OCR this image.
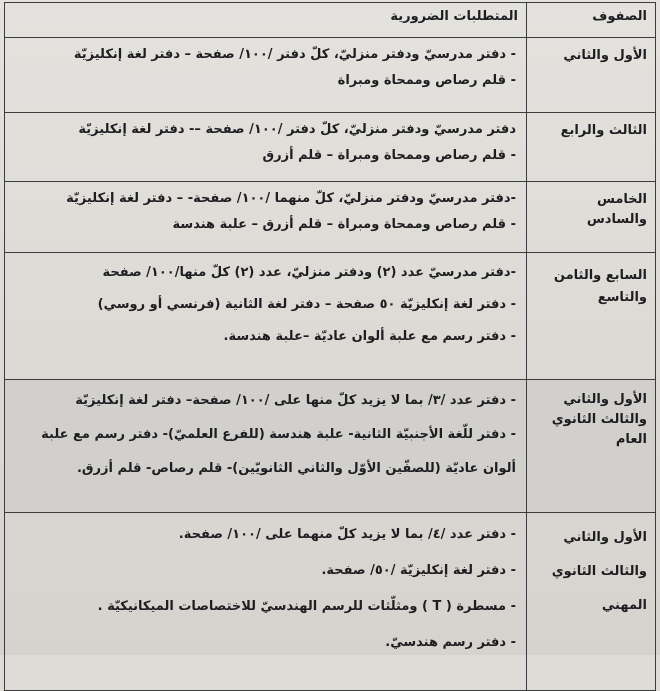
الصفوف	المتطلبات الضرورية
الأول والثاني	- دفتر مدرسيّ ودفتر منزليّ، كلّ دفتر /١٠٠/ صفحة – دفتر لغة إنكليزيّة
- قلم رصاص وممحاة ومبراة

الثالث والرابع	دفتر مدرسيّ ودفتر منزليّ، كلّ دفتر /١٠٠/ صفحة –- دفتر لغة إنكليزيّة
- قلم رصاص وممحاة ومبراة – قلم أزرق

الخامس والسادس	-دفتر مدرسيّ ودفتر منزليّ، كلّ منهما /١٠٠/ صفحة- – دفتر لغة إنكليزيّة
- قلم رصاص وممحاة ومبراة – قلم أزرق – علبة هندسة

السابع والثامن والتاسع	-دفتر مدرسيّ عدد (٢) ودفتر منزليّ، عدد (٢) كلّ منها/١٠٠/ صفحة
- دفتر لغة إنكليزيّة ٥٠ صفحة – دفتر لغة الثانية (فرنسي أو روسي)
- دفتر رسم مع علبة ألوان عاديّة –علبة هندسة.

الأول والثاني والثالث الثانوي العام	- دفتر عدد /٣/ بما لا يزيد كلّ منها على /١٠٠/ صفحة– دفتر لغة إنكليزيّة
- دفتر للّغة الأجنبيّة الثانية- علبة هندسة (للفرع العلميّ)- دفتر رسم مع علبة
ألوان عاديّة (للصفّين الأوّل والثاني الثانويّين)- قلم رصاص- قلم أزرق.

الأول والثاني والثالث الثانوي المهني	- دفتر عدد /٤/ بما لا يزيد كلّ منهما على /١٠٠/ صفحة.
- دفتر لغة إنكليزيّة /٥٠/ صفحة.
- مسطرة ( T ) ومثلّثات للرسم الهندسيّ للاختصاصات الميكانيكيّة .
- دفتر رسم هندسيّ.
